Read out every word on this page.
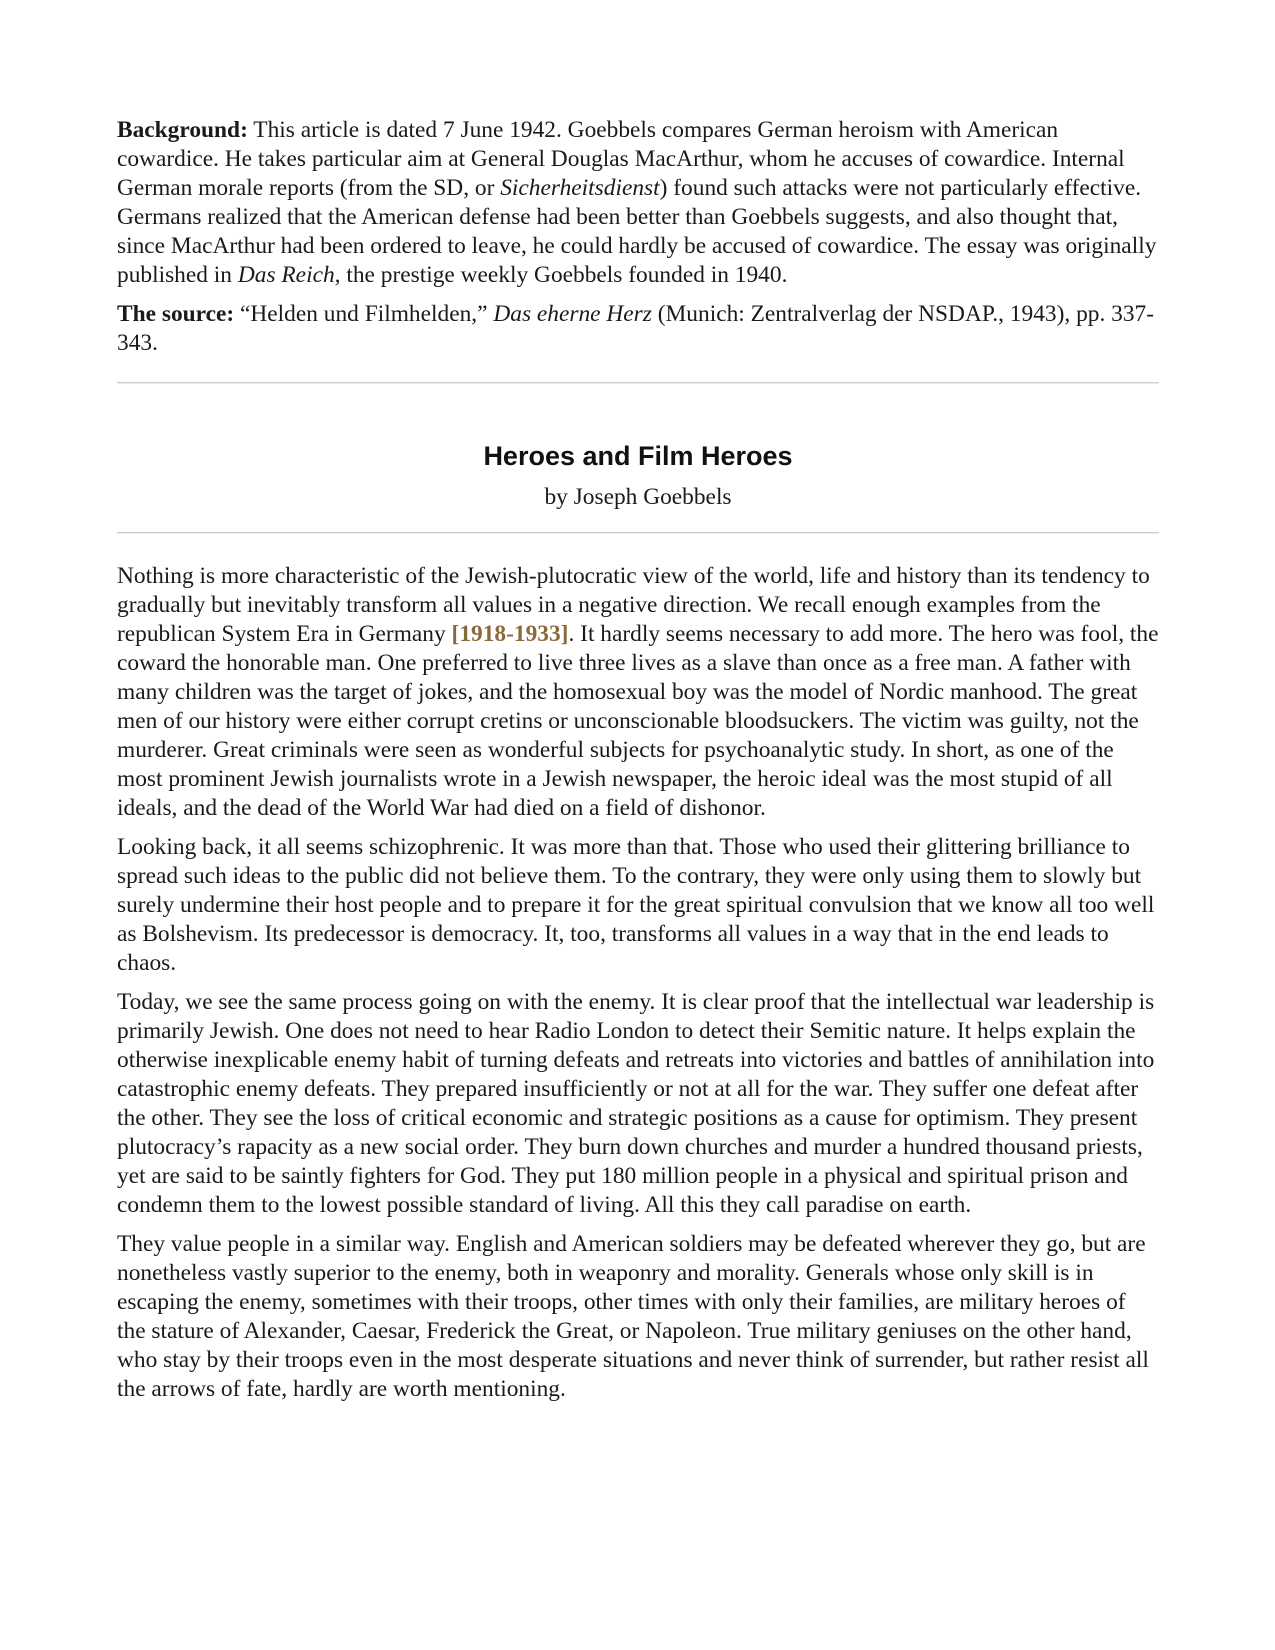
Background: This article is dated 7 June 1942. Goebbels compares German heroism with American cowardice. He takes particular aim at General Douglas MacArthur, whom he accuses of cowardice. Internal German morale reports (from the SD, or Sicherheitsdienst) found such attacks were not particularly effective. Germans realized that the American defense had been better than Goebbels suggests, and also thought that, since MacArthur had been ordered to leave, he could hardly be accused of cowardice. The essay was originally published in Das Reich, the prestige weekly Goebbels founded in 1940.

The source: “Helden und Filmhelden,” Das eherne Herz (Munich: Zentralverlag der NSDAP., 1943), pp. 337-343.

Heroes and Film Heroes
by Joseph Goebbels

Nothing is more characteristic of the Jewish-plutocratic view of the world, life and history than its tendency to gradually but inevitably transform all values in a negative direction. We recall enough examples from the republican System Era in Germany [1918-1933]. It hardly seems necessary to add more. The hero was fool, the coward the honorable man. One preferred to live three lives as a slave than once as a free man. A father with many children was the target of jokes, and the homosexual boy was the model of Nordic manhood. The great men of our history were either corrupt cretins or unconscionable bloodsuckers. The victim was guilty, not the murderer. Great criminals were seen as wonderful subjects for psychoanalytic study. In short, as one of the most prominent Jewish journalists wrote in a Jewish newspaper, the heroic ideal was the most stupid of all ideals, and the dead of the World War had died on a field of dishonor.

Looking back, it all seems schizophrenic. It was more than that. Those who used their glittering brilliance to spread such ideas to the public did not believe them. To the contrary, they were only using them to slowly but surely undermine their host people and to prepare it for the great spiritual convulsion that we know all too well as Bolshevism. Its predecessor is democracy. It, too, transforms all values in a way that in the end leads to chaos.

Today, we see the same process going on with the enemy. It is clear proof that the intellectual war leadership is primarily Jewish. One does not need to hear Radio London to detect their Semitic nature. It helps explain the otherwise inexplicable enemy habit of turning defeats and retreats into victories and battles of annihilation into catastrophic enemy defeats. They prepared insufficiently or not at all for the war. They suffer one defeat after the other. They see the loss of critical economic and strategic positions as a cause for optimism. They present plutocracy’s rapacity as a new social order. They burn down churches and murder a hundred thousand priests, yet are said to be saintly fighters for God. They put 180 million people in a physical and spiritual prison and condemn them to the lowest possible standard of living. All this they call paradise on earth.

They value people in a similar way. English and American soldiers may be defeated wherever they go, but are nonetheless vastly superior to the enemy, both in weaponry and morality. Generals whose only skill is in escaping the enemy, sometimes with their troops, other times with only their families, are military heroes of the stature of Alexander, Caesar, Frederick the Great, or Napoleon. True military geniuses on the other hand, who stay by their troops even in the most desperate situations and never think of surrender, but rather resist all the arrows of fate, hardly are worth mentioning.
